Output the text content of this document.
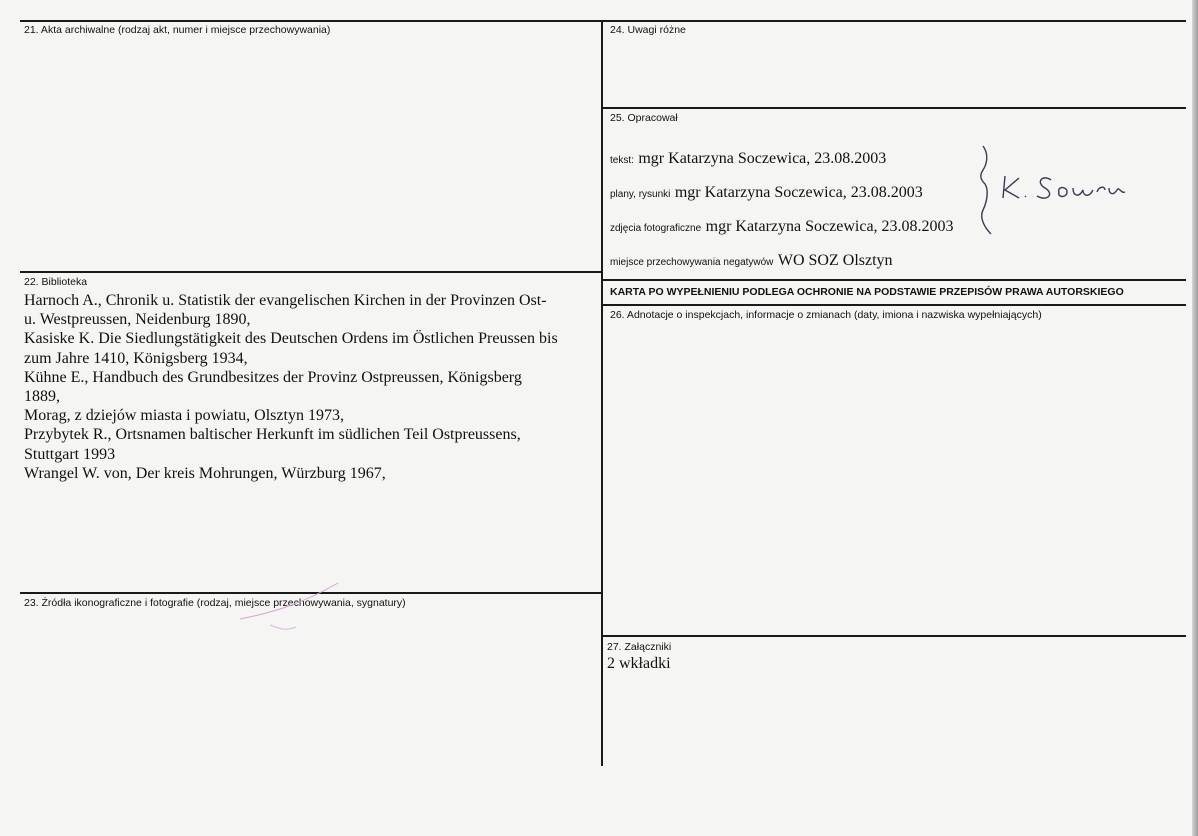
21. Akta archiwalne (rodzaj akt, numer i miejsce przechowywania)
22. Biblioteka
Harnoch A., Chronik u. Statistik der evangelischen Kirchen in der Provinzen Ost-
u. Westpreussen, Neidenburg 1890,
Kasiske K. Die Siedlungstätigkeit des Deutschen Ordens im Östlichen Preussen bis
zum Jahre 1410, Königsberg 1934,
Kühne E., Handbuch des Grundbesitzes der Provinz Ostpreussen, Königsberg
1889,
Morag, z dziejów miasta i powiatu, Olsztyn 1973,
Przybytek R., Ortsnamen baltischer Herkunft im südlichen Teil Ostpreussens,
Stuttgart 1993
Wrangel W. von, Der kreis Mohrungen, Würzburg 1967,
23. Źródła ikonograficzne i fotografie (rodzaj, miejsce przechowywania, sygnatury)
24. Uwagi różne
25. Opracował
tekst: mgr Katarzyna Soczewica, 23.08.2003
plany, rysunki mgr Katarzyna Soczewica, 23.08.2003
zdjęcia fotograficzne mgr Katarzyna Soczewica, 23.08.2003
miejsce przechowywania negatywów WO SOZ Olsztyn
KARTA PO WYPEŁNIENIU PODLEGA OCHRONIE NA PODSTAWIE PRZEPISÓW PRAWA AUTORSKIEGO
26. Adnotacje o inspekcjach, informacje o zmianach (daty, imiona i nazwiska wypełniających)
27. Załączniki
2 wkładki
